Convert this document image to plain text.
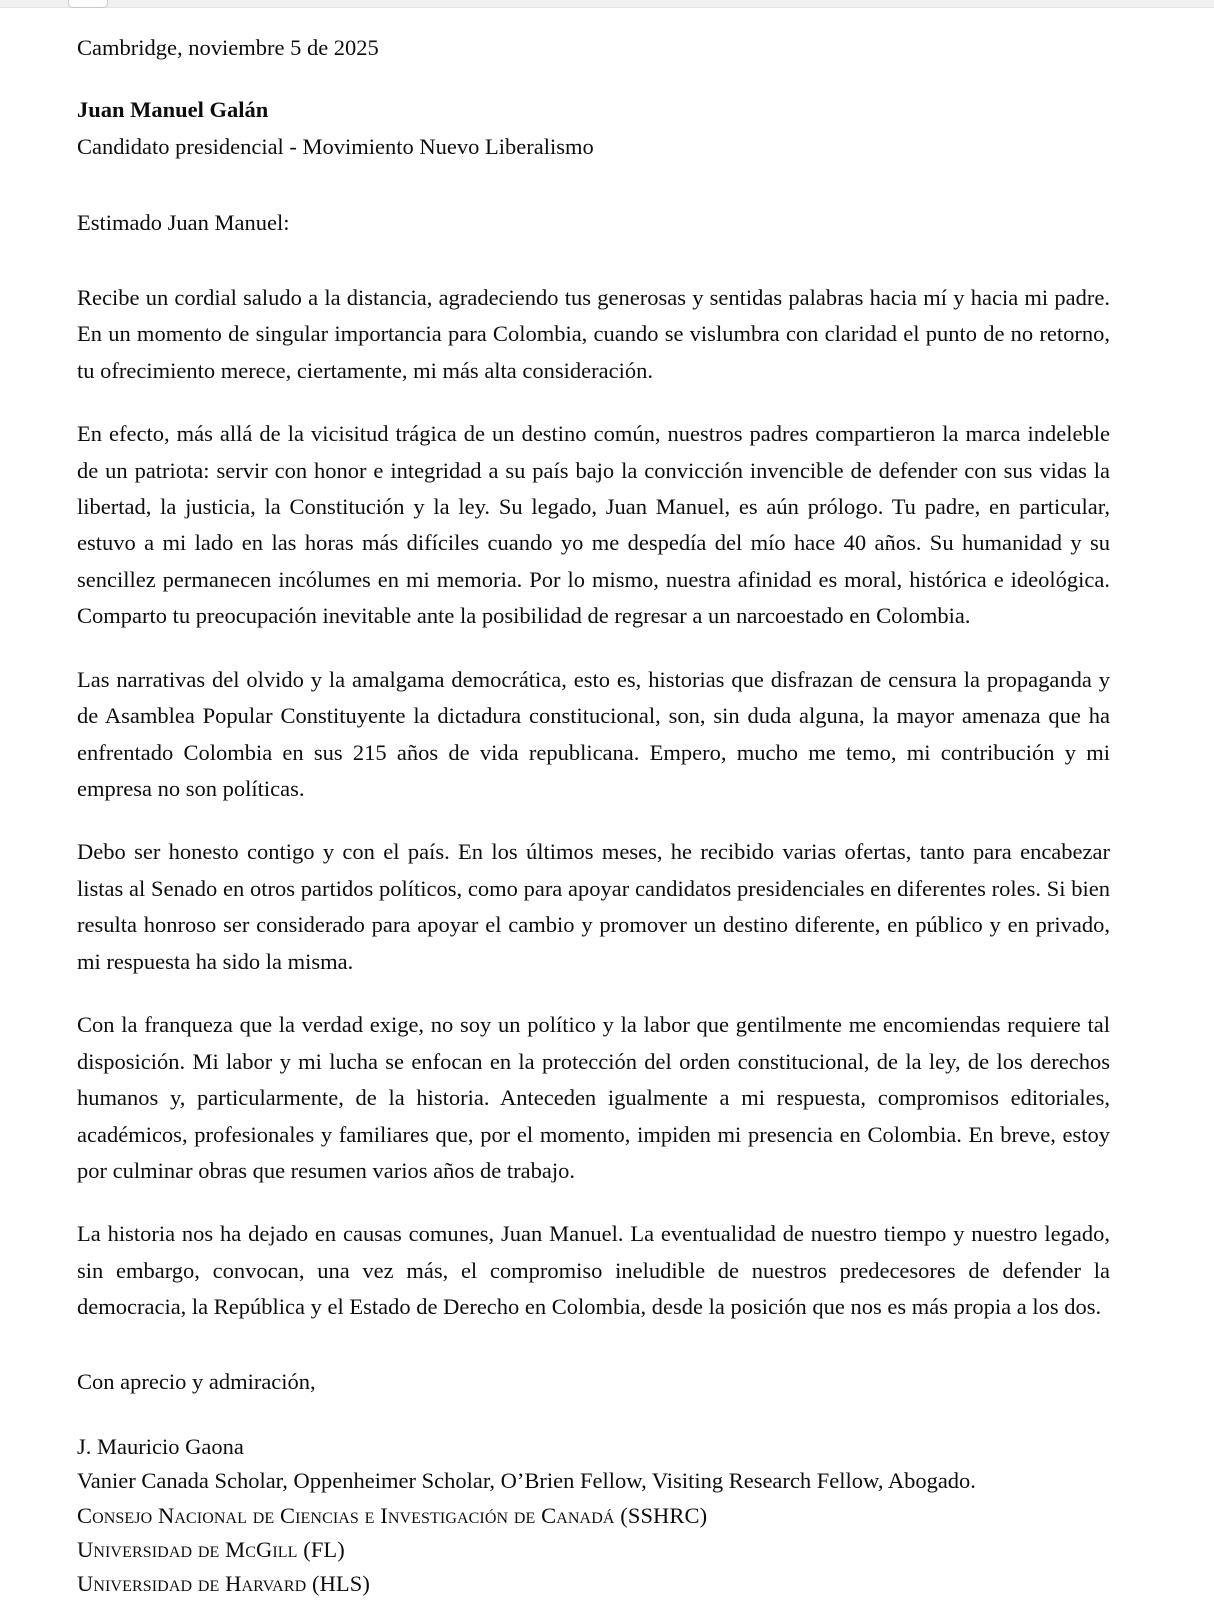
Cambridge, noviembre 5 de 2025
Juan Manuel Galán
Candidato presidencial - Movimiento Nuevo Liberalismo
Estimado Juan Manuel:

Recibe un cordial saludo a la distancia, agradeciendo tus generosas y sentidas palabras hacia mí y hacia mi padre. En un momento de singular importancia para Colombia, cuando se vislumbra con claridad el punto de no retorno, tu ofrecimiento merece, ciertamente, mi más alta consideración.

En efecto, más allá de la vicisitud trágica de un destino común, nuestros padres compartieron la marca indeleble de un patriota: servir con honor e integridad a su país bajo la convicción invencible de defender con sus vidas la libertad, la justicia, la Constitución y la ley. Su legado, Juan Manuel, es aún prólogo. Tu padre, en particular, estuvo a mi lado en las horas más difíciles cuando yo me despedía del mío hace 40 años. Su humanidad y su sencillez permanecen incólumes en mi memoria. Por lo mismo, nuestra afinidad es moral, histórica e ideológica. Comparto tu preocupación inevitable ante la posibilidad de regresar a un narcoestado en Colombia.

Las narrativas del olvido y la amalgama democrática, esto es, historias que disfrazan de censura la propaganda y de Asamblea Popular Constituyente la dictadura constitucional, son, sin duda alguna, la mayor amenaza que ha enfrentado Colombia en sus 215 años de vida republicana. Empero, mucho me temo, mi contribución y mi empresa no son políticas.

Debo ser honesto contigo y con el país. En los últimos meses, he recibido varias ofertas, tanto para encabezar listas al Senado en otros partidos políticos, como para apoyar candidatos presidenciales en diferentes roles. Si bien resulta honroso ser considerado para apoyar el cambio y promover un destino diferente, en público y en privado, mi respuesta ha sido la misma.

Con la franqueza que la verdad exige, no soy un político y la labor que gentilmente me encomiendas requiere tal disposición. Mi labor y mi lucha se enfocan en la protección del orden constitucional, de la ley, de los derechos humanos y, particularmente, de la historia. Anteceden igualmente a mi respuesta, compromisos editoriales, académicos, profesionales y familiares que, por el momento, impiden mi presencia en Colombia. En breve, estoy por culminar obras que resumen varios años de trabajo.

La historia nos ha dejado en causas comunes, Juan Manuel. La eventualidad de nuestro tiempo y nuestro legado, sin embargo, convocan, una vez más, el compromiso ineludible de nuestros predecesores de defender la democracia, la República y el Estado de Derecho en Colombia, desde la posición que nos es más propia a los dos.

Con aprecio y admiración,
J. Mauricio Gaona
Vanier Canada Scholar, Oppenheimer Scholar, O’Brien Fellow, Visiting Research Fellow, Abogado.
Consejo Nacional de Ciencias e Investigación de Canadá (SSHRC)
Universidad de McGill (FL)
Universidad de Harvard (HLS)
